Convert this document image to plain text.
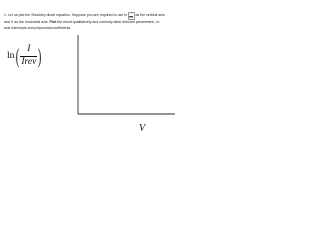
1. Let us plot the Shockley diode equation. Suppose you are required to use $\ln \frac{I}{\text{Irev}}$ as the vertical axis

and V as the horizontal axis. Plot the result qualitatively and correctly label relevant parameters, i.e.

axis intercepts and polynomial coefficients.

ln ( $\frac{I}{\text{Irev}}$ )
V
